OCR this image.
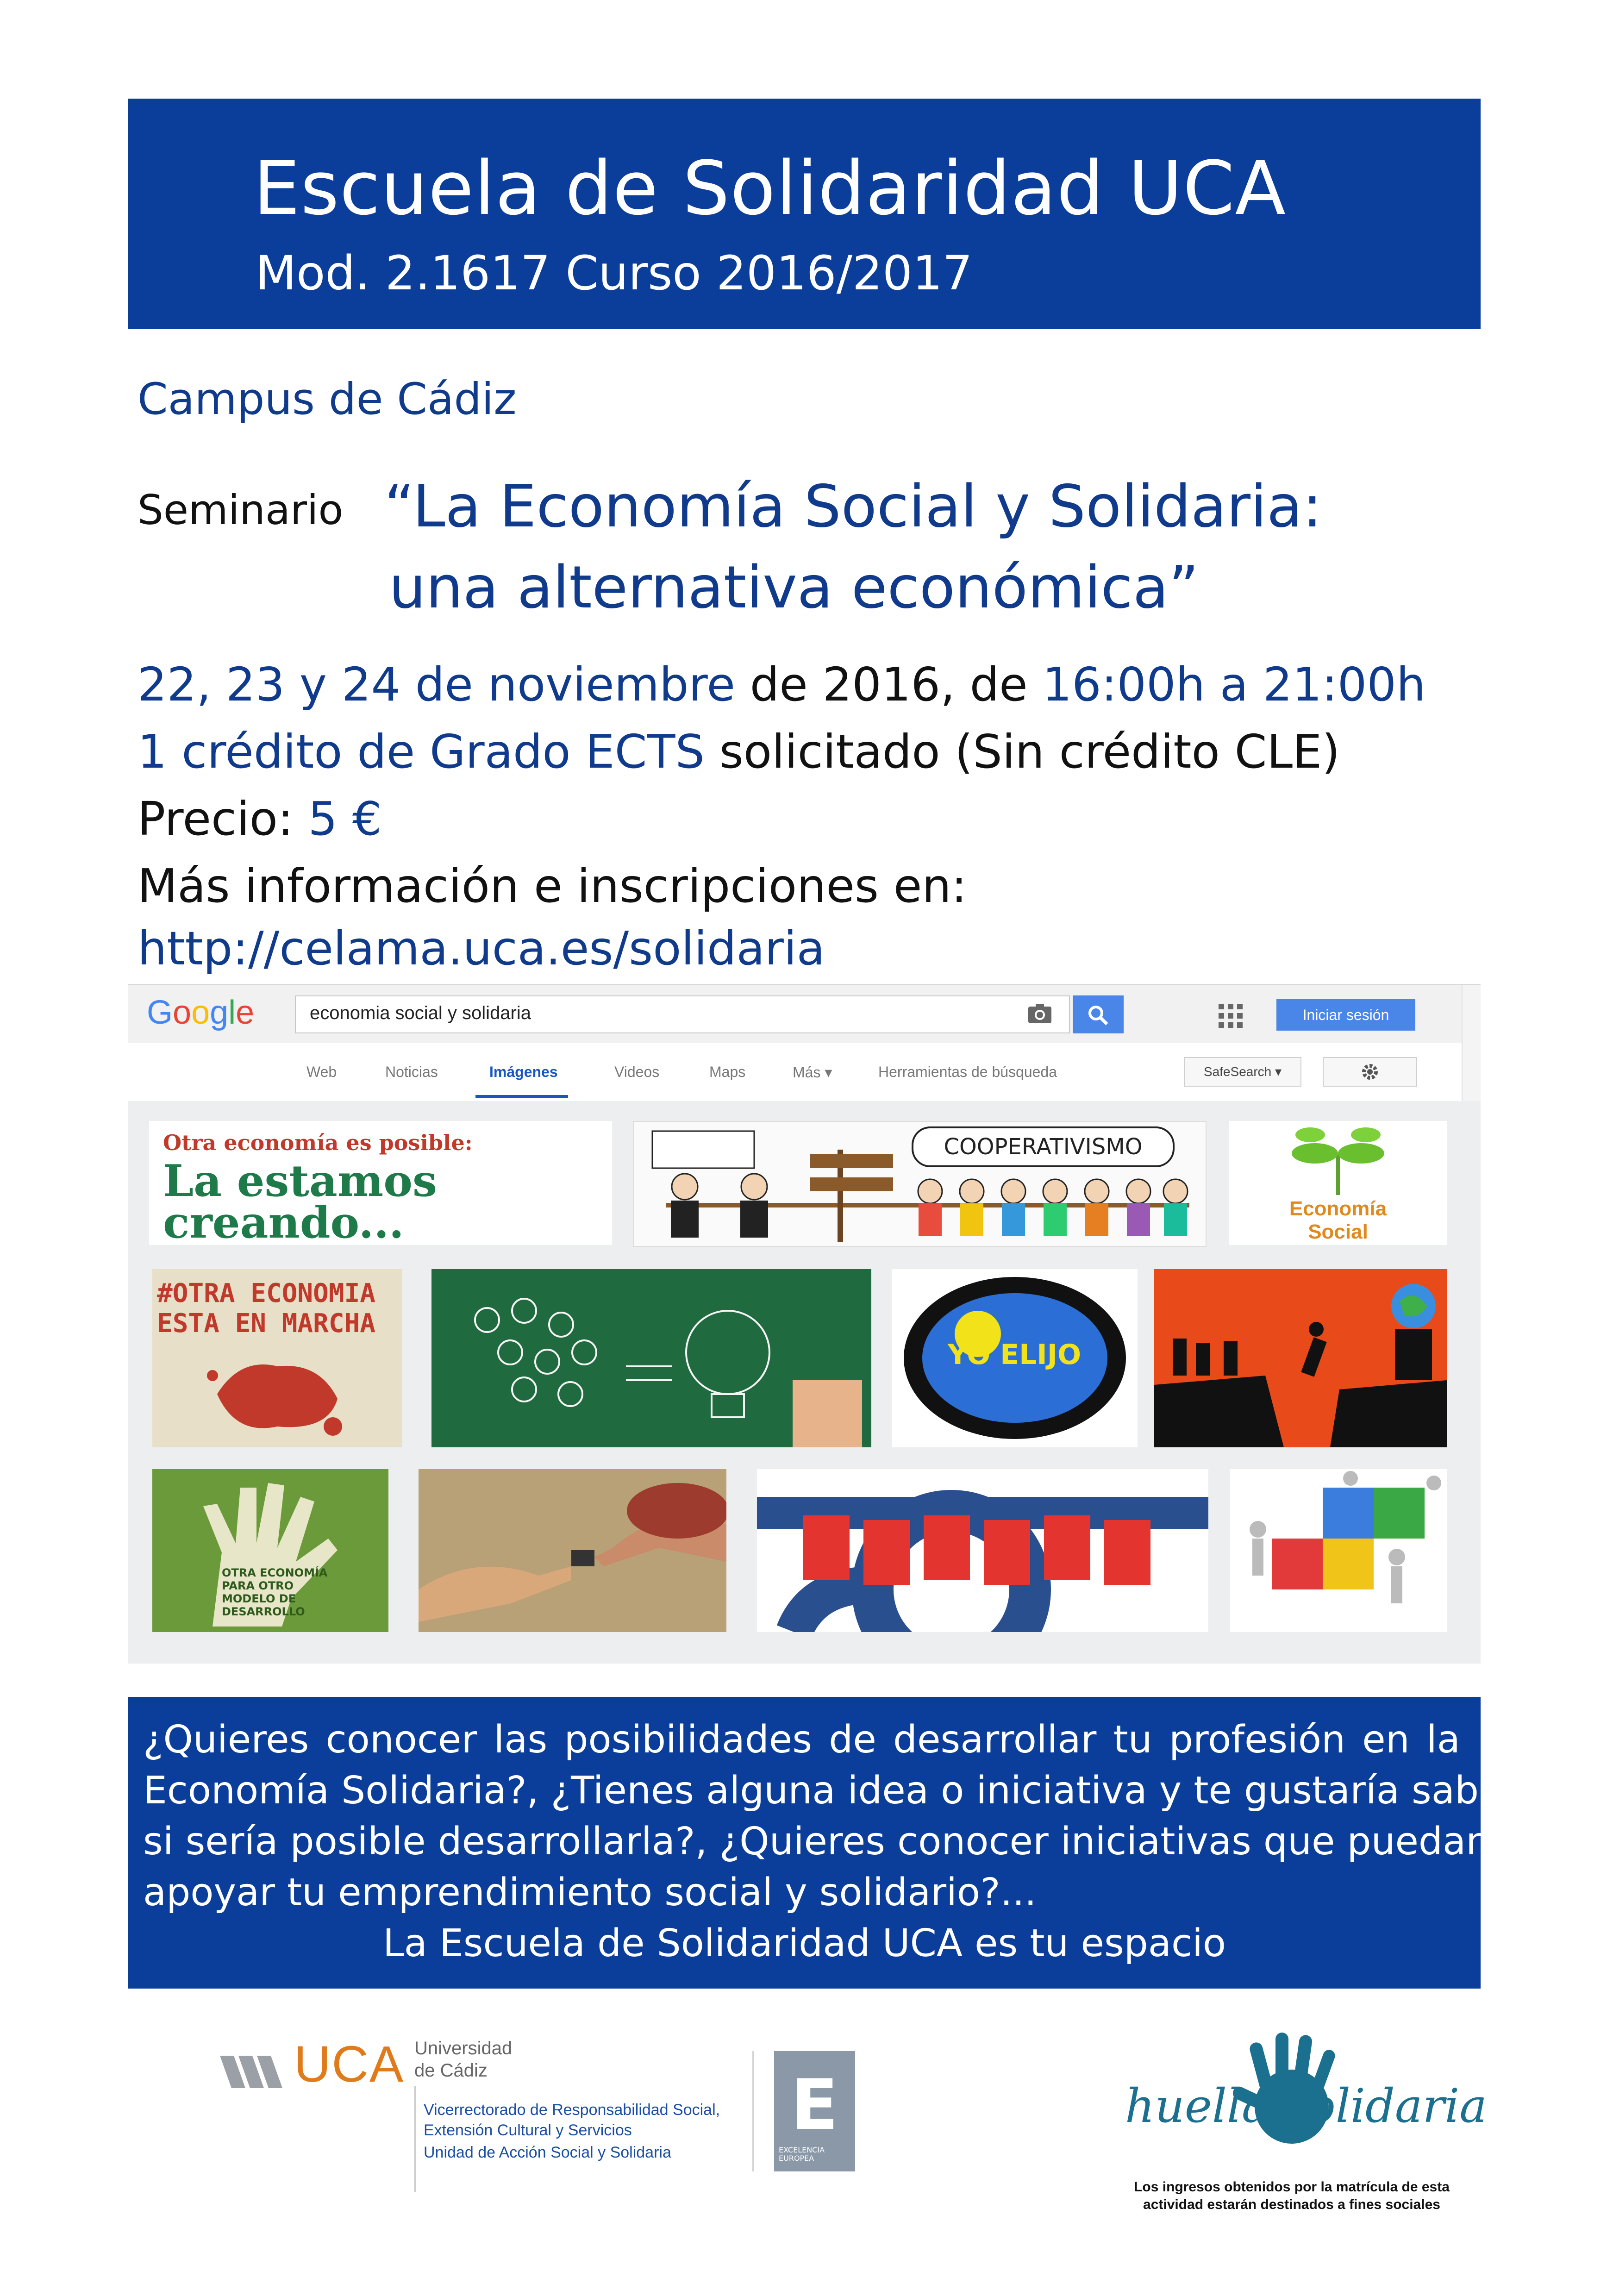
Escuela de Solidaridad UCA
Mod. 2.1617 Curso 2016/2017
Campus de Cádiz
Seminario “La Economía Social y Solidaria:
una alternativa económica”
22, 23 y 24 de noviembre de 2016, de 16:00h a 21:00h
1 crédito de Grado ECTS solicitado (Sin crédito CLE)
Precio: 5 €
Más información e inscripciones en:
http://celama.uca.es/solidaria
Google	economia social y solidaria	Iniciar sesión
Web	Noticias	Imágenes	Videos	Maps	Más ▾	Herramientas de búsqueda	SafeSearch ▾
Otra economía es posible:
La estamos
creando...
COOPERATIVISMO
Economía
Social
#OTRA ECONOMIA
ESTA EN MARCHA
YO ELIJO
OTRA ECONOMÍA PARA OTRO MODELO DE DESARROLLO
¿Quieres conocer las posibilidades de desarrollar tu profesión en la
Economía Solidaria?, ¿Tienes alguna idea o iniciativa y te gustaría saber
si sería posible desarrollarla?, ¿Quieres conocer iniciativas que puedan
apoyar tu emprendimiento social y solidario?...
La Escuela de Solidaridad UCA es tu espacio
UCA Universidad
de Cádiz
Vicerrectorado de Responsabilidad Social,
Extensión Cultural y Servicios
Unidad de Acción Social y Solidaria
E
EXCELENCIA EUROPEA
huella solidaria
Los ingresos obtenidos por la matrícula de esta actividad estarán destinados a fines sociales
